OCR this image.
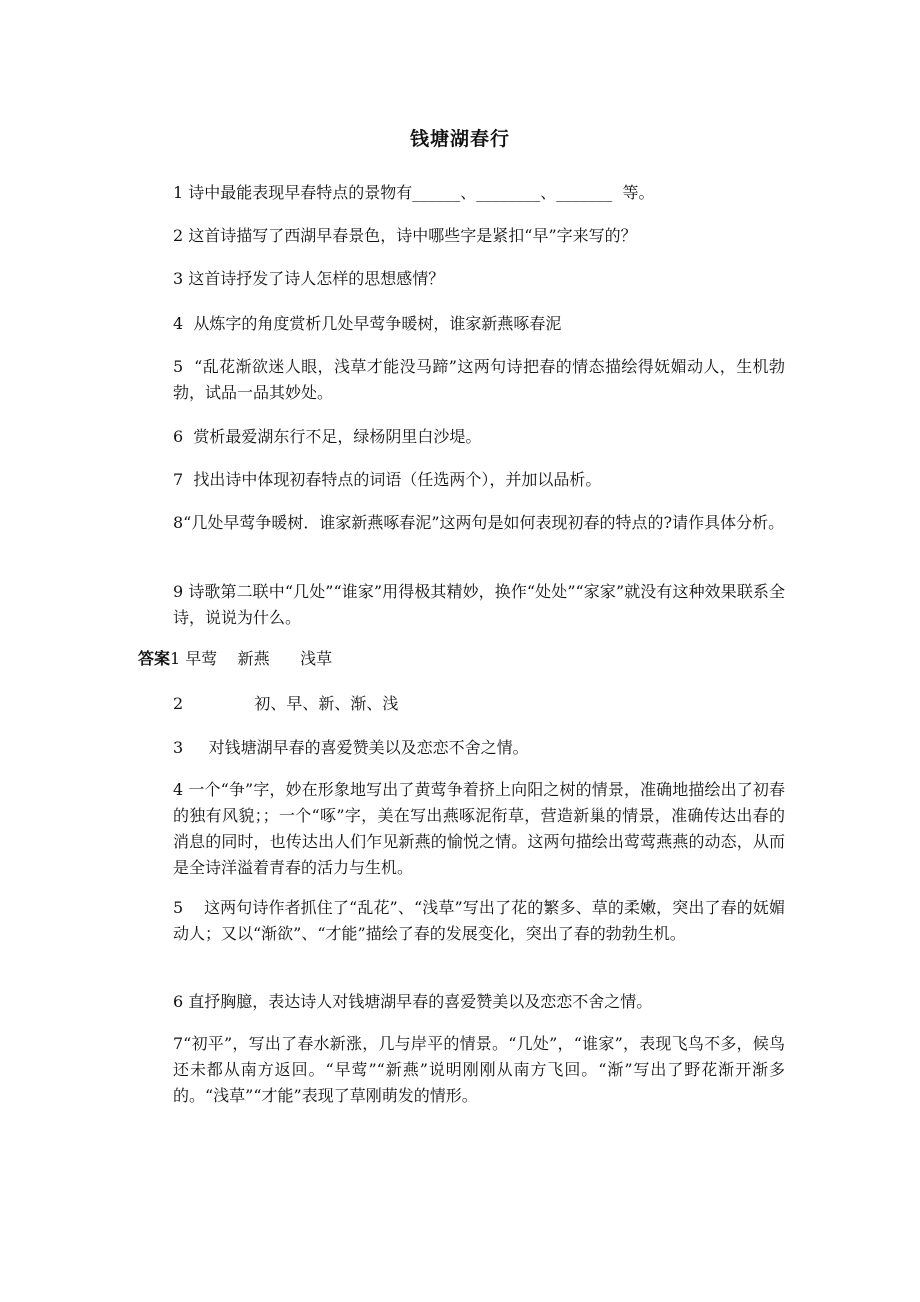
钱塘湖春行
1 诗中最能表现早春特点的景物有______、________、_______  等。
2 这首诗描写了西湖早春景色，诗中哪些字是紧扣“早”字来写的？
3 这首诗抒发了诗人怎样的思想感情？
4  从炼字的角度赏析几处早莺争暖树，谁家新燕啄春泥
5  “乱花渐欲迷人眼，浅草才能没马蹄”这两句诗把春的情态描绘得妩媚动人，生机勃勃，试品一品其妙处。
6  赏析最爱湖东行不足，绿杨阴里白沙堤。
7  找出诗中体现初春特点的词语（任选两个），并加以品析。
8“几处早莺争暖树．谁家新燕啄春泥”这两句是如何表现初春的特点的?请作具体分析。
9 诗歌第二联中“几处”“谁家”用得极其精妙，换作“处处”“家家”就没有这种效果联系全诗，说说为什么。
答案1 早莺    新燕      浅草
2              初、早、新、渐、浅
3     对钱塘湖早春的喜爱赞美以及恋恋不舍之情。
4 一个“争”字，妙在形象地写出了黄莺争着挤上向阳之树的情景，准确地描绘出了初春的独有风貌；；一个“啄”字，美在写出燕啄泥衔草，营造新巢的情景，准确传达出春的消息的同时，也传达出人们乍见新燕的愉悦之情。这两句描绘出莺莺燕燕的动态，从而是全诗洋溢着青春的活力与生机。
5    这两句诗作者抓住了“乱花”、“浅草”写出了花的繁多、草的柔嫩，突出了春的妩媚动人；又以“渐欲”、“才能”描绘了春的发展变化，突出了春的勃勃生机。
6 直抒胸臆，表达诗人对钱塘湖早春的喜爱赞美以及恋恋不舍之情。
7“初平”，写出了春水新涨，几与岸平的情景。“几处”，“谁家”，表现飞鸟不多，候鸟还未都从南方返回。“早莺”“新燕”说明刚刚从南方飞回。“渐”写出了野花渐开渐多的。“浅草”“才能”表现了草刚萌发的情形。
